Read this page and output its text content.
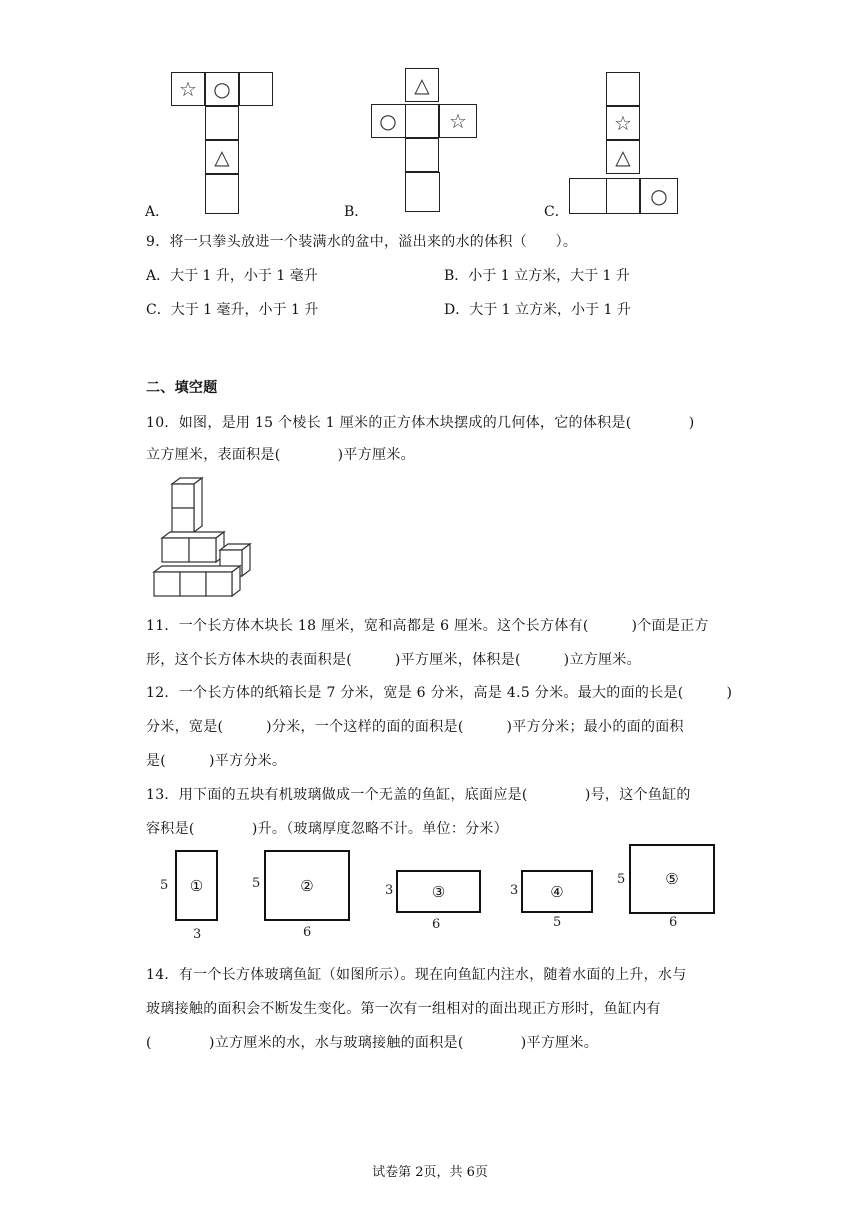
☆ ○
△
A．
△
○	☆
B．
☆
△
○
C．
9．将一只拳头放进一个装满水的盆中，溢出来的水的体积（　　）。
A．大于 1 升，小于 1 毫升	B．小于 1 立方米，大于 1 升
C．大于 1 毫升，小于 1 升	D．大于 1 立方米，小于 1 升
二、填空题
10．如图，是用 15 个棱长 1 厘米的正方体木块摆成的几何体，它的体积是(　　　　)
立方厘米，表面积是(　　　　)平方厘米。
11．一个长方体木块长 18 厘米，宽和高都是 6 厘米。这个长方体有(　　　)个面是正方
形，这个长方体木块的表面积是(　　　)平方厘米，体积是(　　　)立方厘米。
12．一个长方体的纸箱长是 7 分米，宽是 6 分米，高是 4.5 分米。最大的面的长是(　　　)
分米，宽是(　　　)分米，一个这样的面的面积是(　　　)平方分米；最小的面的面积
是(　　　)平方分米。
13．用下面的五块有机玻璃做成一个无盖的鱼缸，底面应是(　　　　)号，这个鱼缸的
容积是(　　　　)升。（玻璃厚度忽略不计。单位：分米）
5	①
3
5	②
6
3	③
6
3	④
5
5	⑤
6
14．有一个长方体玻璃鱼缸（如图所示）。现在向鱼缸内注水，随着水面的上升，水与
玻璃接触的面积会不断发生变化。第一次有一组相对的面出现正方形时，鱼缸内有
(　　　　)立方厘米的水，水与玻璃接触的面积是(　　　　)平方厘米。
试卷第 2页，共 6页
